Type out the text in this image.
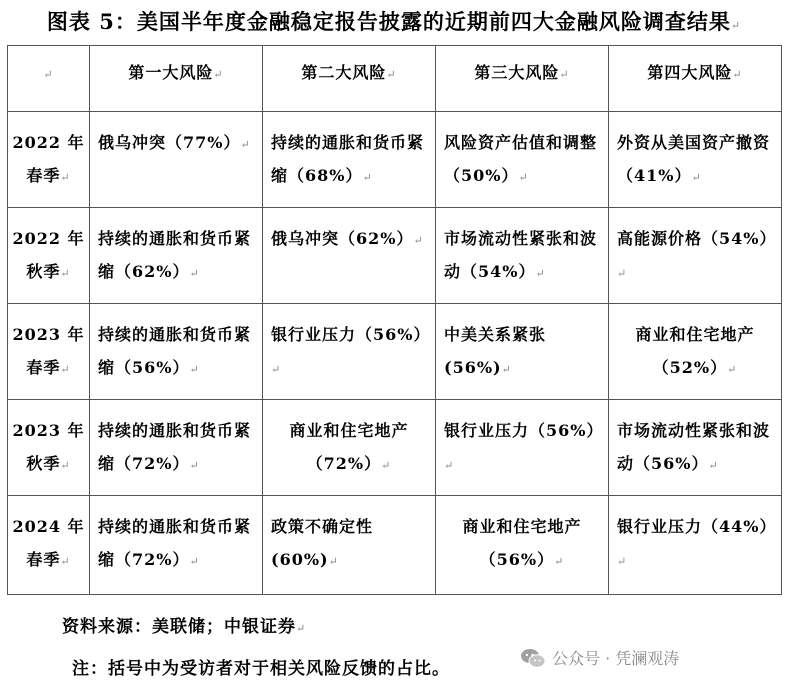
图表 5：美国半年度金融稳定报告披露的近期前四大金融风险调查结果↵
↵	第一大风险↵	第二大风险↵	第三大风险↵	第四大风险↵
2022 年
春季↵	俄乌冲突（77%）↵	持续的通胀和货币紧缩（68%）↵	风险资产估值和调整（50%）↵	外资从美国资产撤资（41%）↵
2022 年
秋季↵	持续的通胀和货币紧缩（62%）↵	俄乌冲突（62%）↵	市场流动性紧张和波动（54%）↵	高能源价格（54%）↵
2023 年
春季↵	持续的通胀和货币紧缩（56%）↵	银行业压力（56%）↵	中美关系紧张(56%)↵	商业和住宅地产（52%）↵
2023 年
秋季↵	持续的通胀和货币紧缩（72%）↵	商业和住宅地产（72%）↵	银行业压力（56%）↵	市场流动性紧张和波动（56%）↵
2024 年
春季↵	持续的通胀和货币紧缩（72%）↵	政策不确定性(60%)↵	商业和住宅地产（56%）↵	银行业压力（44%）↵
资料来源：美联储；中银证券↵
注：括号中为受访者对于相关风险反馈的占比。
公众号 · 凭澜观涛
